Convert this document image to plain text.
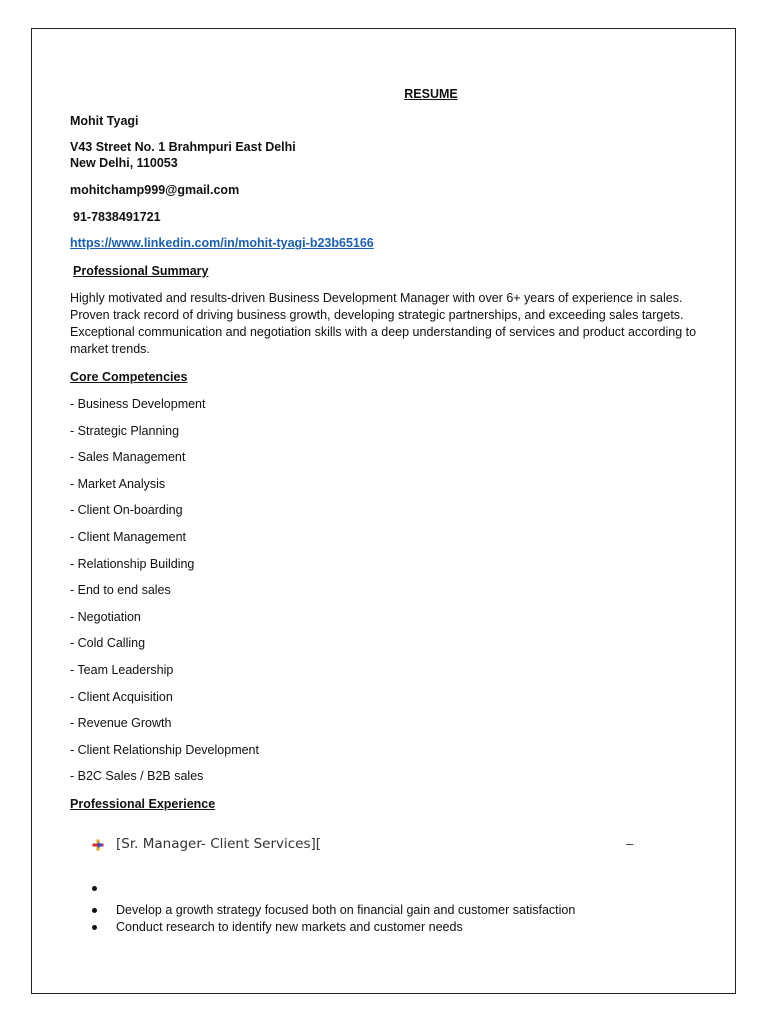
RESUME
Mohit Tyagi
V43 Street No. 1 Brahmpuri East Delhi
New Delhi, 110053
mohitchamp999@gmail.com
91-7838491721
https://www.linkedin.com/in/mohit-tyagi-b23b65166
Professional Summary
Highly motivated and results-driven Business Development Manager with over 6+ years of experience in sales. Proven track record of driving business growth, developing strategic partnerships, and exceeding sales targets. Exceptional communication and negotiation skills with a deep understanding of services and product according to market trends.
Core Competencies
- Business Development
- Strategic Planning
- Sales Management
- Market Analysis
- Client On-boarding
- Client Management
- Relationship Building
- End to end sales
- Negotiation
- Cold Calling
- Team Leadership
- Client Acquisition
- Revenue Growth
- Client Relationship Development
- B2C Sales / B2B sales
Professional Experience
[Sr. Manager- Client Services][	–
Develop a growth strategy focused both on financial gain and customer satisfaction
Conduct research to identify new markets and customer needs
